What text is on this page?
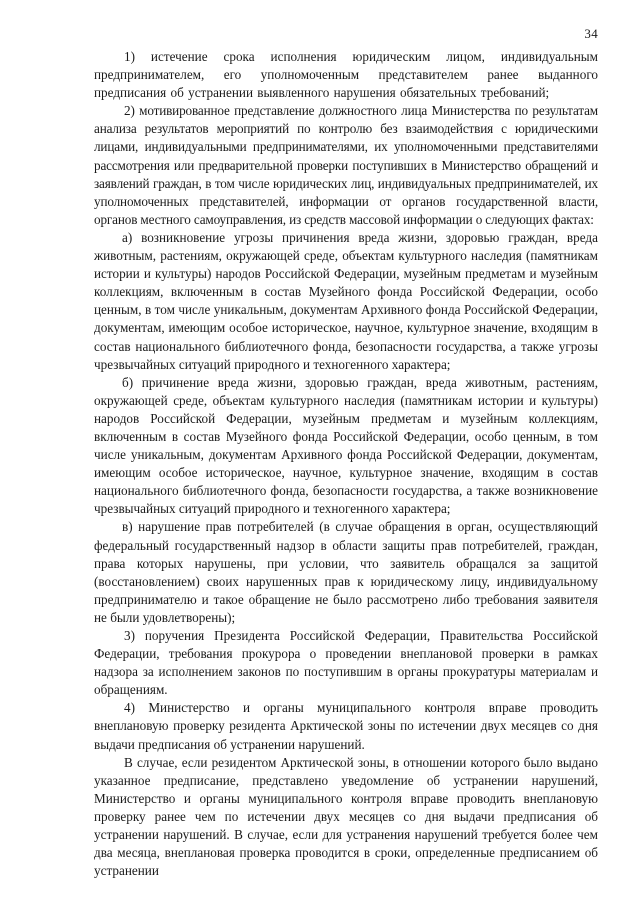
34

1) истечение срока исполнения юридическим лицом, индивидуальным предпринимателем, его уполномоченным представителем ранее выданного предписания об устранении выявленного нарушения обязательных требований;

2) мотивированное представление должностного лица Министерства по результатам анализа результатов мероприятий по контролю без взаимодействия с юридическими лицами, индивидуальными предпринимателями, их уполномоченными представителями рассмотрения или предварительной проверки поступивших в Министерство обращений и заявлений граждан, в том числе юридических лиц, индивидуальных предпринимателей, их уполномоченных представителей, информации от органов государственной власти, органов местного самоуправления, из средств массовой информации о следующих фактах:

а) возникновение угрозы причинения вреда жизни, здоровью граждан, вреда животным, растениям, окружающей среде, объектам культурного наследия (памятникам истории и культуры) народов Российской Федерации, музейным предметам и музейным коллекциям, включенным в состав Музейного фонда Российской Федерации, особо ценным, в том числе уникальным, документам Архивного фонда Российской Федерации, документам, имеющим особое историческое, научное, культурное значение, входящим в состав национального библиотечного фонда, безопасности государства, а также угрозы чрезвычайных ситуаций природного и техногенного характера;

б) причинение вреда жизни, здоровью граждан, вреда животным, растениям, окружающей среде, объектам культурного наследия (памятникам истории и культуры) народов Российской Федерации, музейным предметам и музейным коллекциям, включенным в состав Музейного фонда Российской Федерации, особо ценным, в том числе уникальным, документам Архивного фонда Российской Федерации, документам, имеющим особое историческое, научное, культурное значение, входящим в состав национального библиотечного фонда, безопасности государства, а также возникновение чрезвычайных ситуаций природного и техногенного характера;

в) нарушение прав потребителей (в случае обращения в орган, осуществляющий федеральный государственный надзор в области защиты прав потребителей, граждан, права которых нарушены, при условии, что заявитель обращался за защитой (восстановлением) своих нарушенных прав к юридическому лицу, индивидуальному предпринимателю и такое обращение не было рассмотрено либо требования заявителя не были удовлетворены);

3) поручения Президента Российской Федерации, Правительства Российской Федерации, требования прокурора о проведении внеплановой проверки в рамках надзора за исполнением законов по поступившим в органы прокуратуры материалам и обращениям.

4) Министерство и органы муниципального контроля вправе проводить внеплановую проверку резидента Арктической зоны по истечении двух месяцев со дня выдачи предписания об устранении нарушений.

В случае, если резидентом Арктической зоны, в отношении которого было выдано указанное предписание, представлено уведомление об устранении нарушений, Министерство и органы муниципального контроля вправе проводить внеплановую проверку ранее чем по истечении двух месяцев со дня выдачи предписания об устранении нарушений. В случае, если для устранения нарушений требуется более чем два месяца, внеплановая проверка проводится в сроки, определенные предписанием об устранении
